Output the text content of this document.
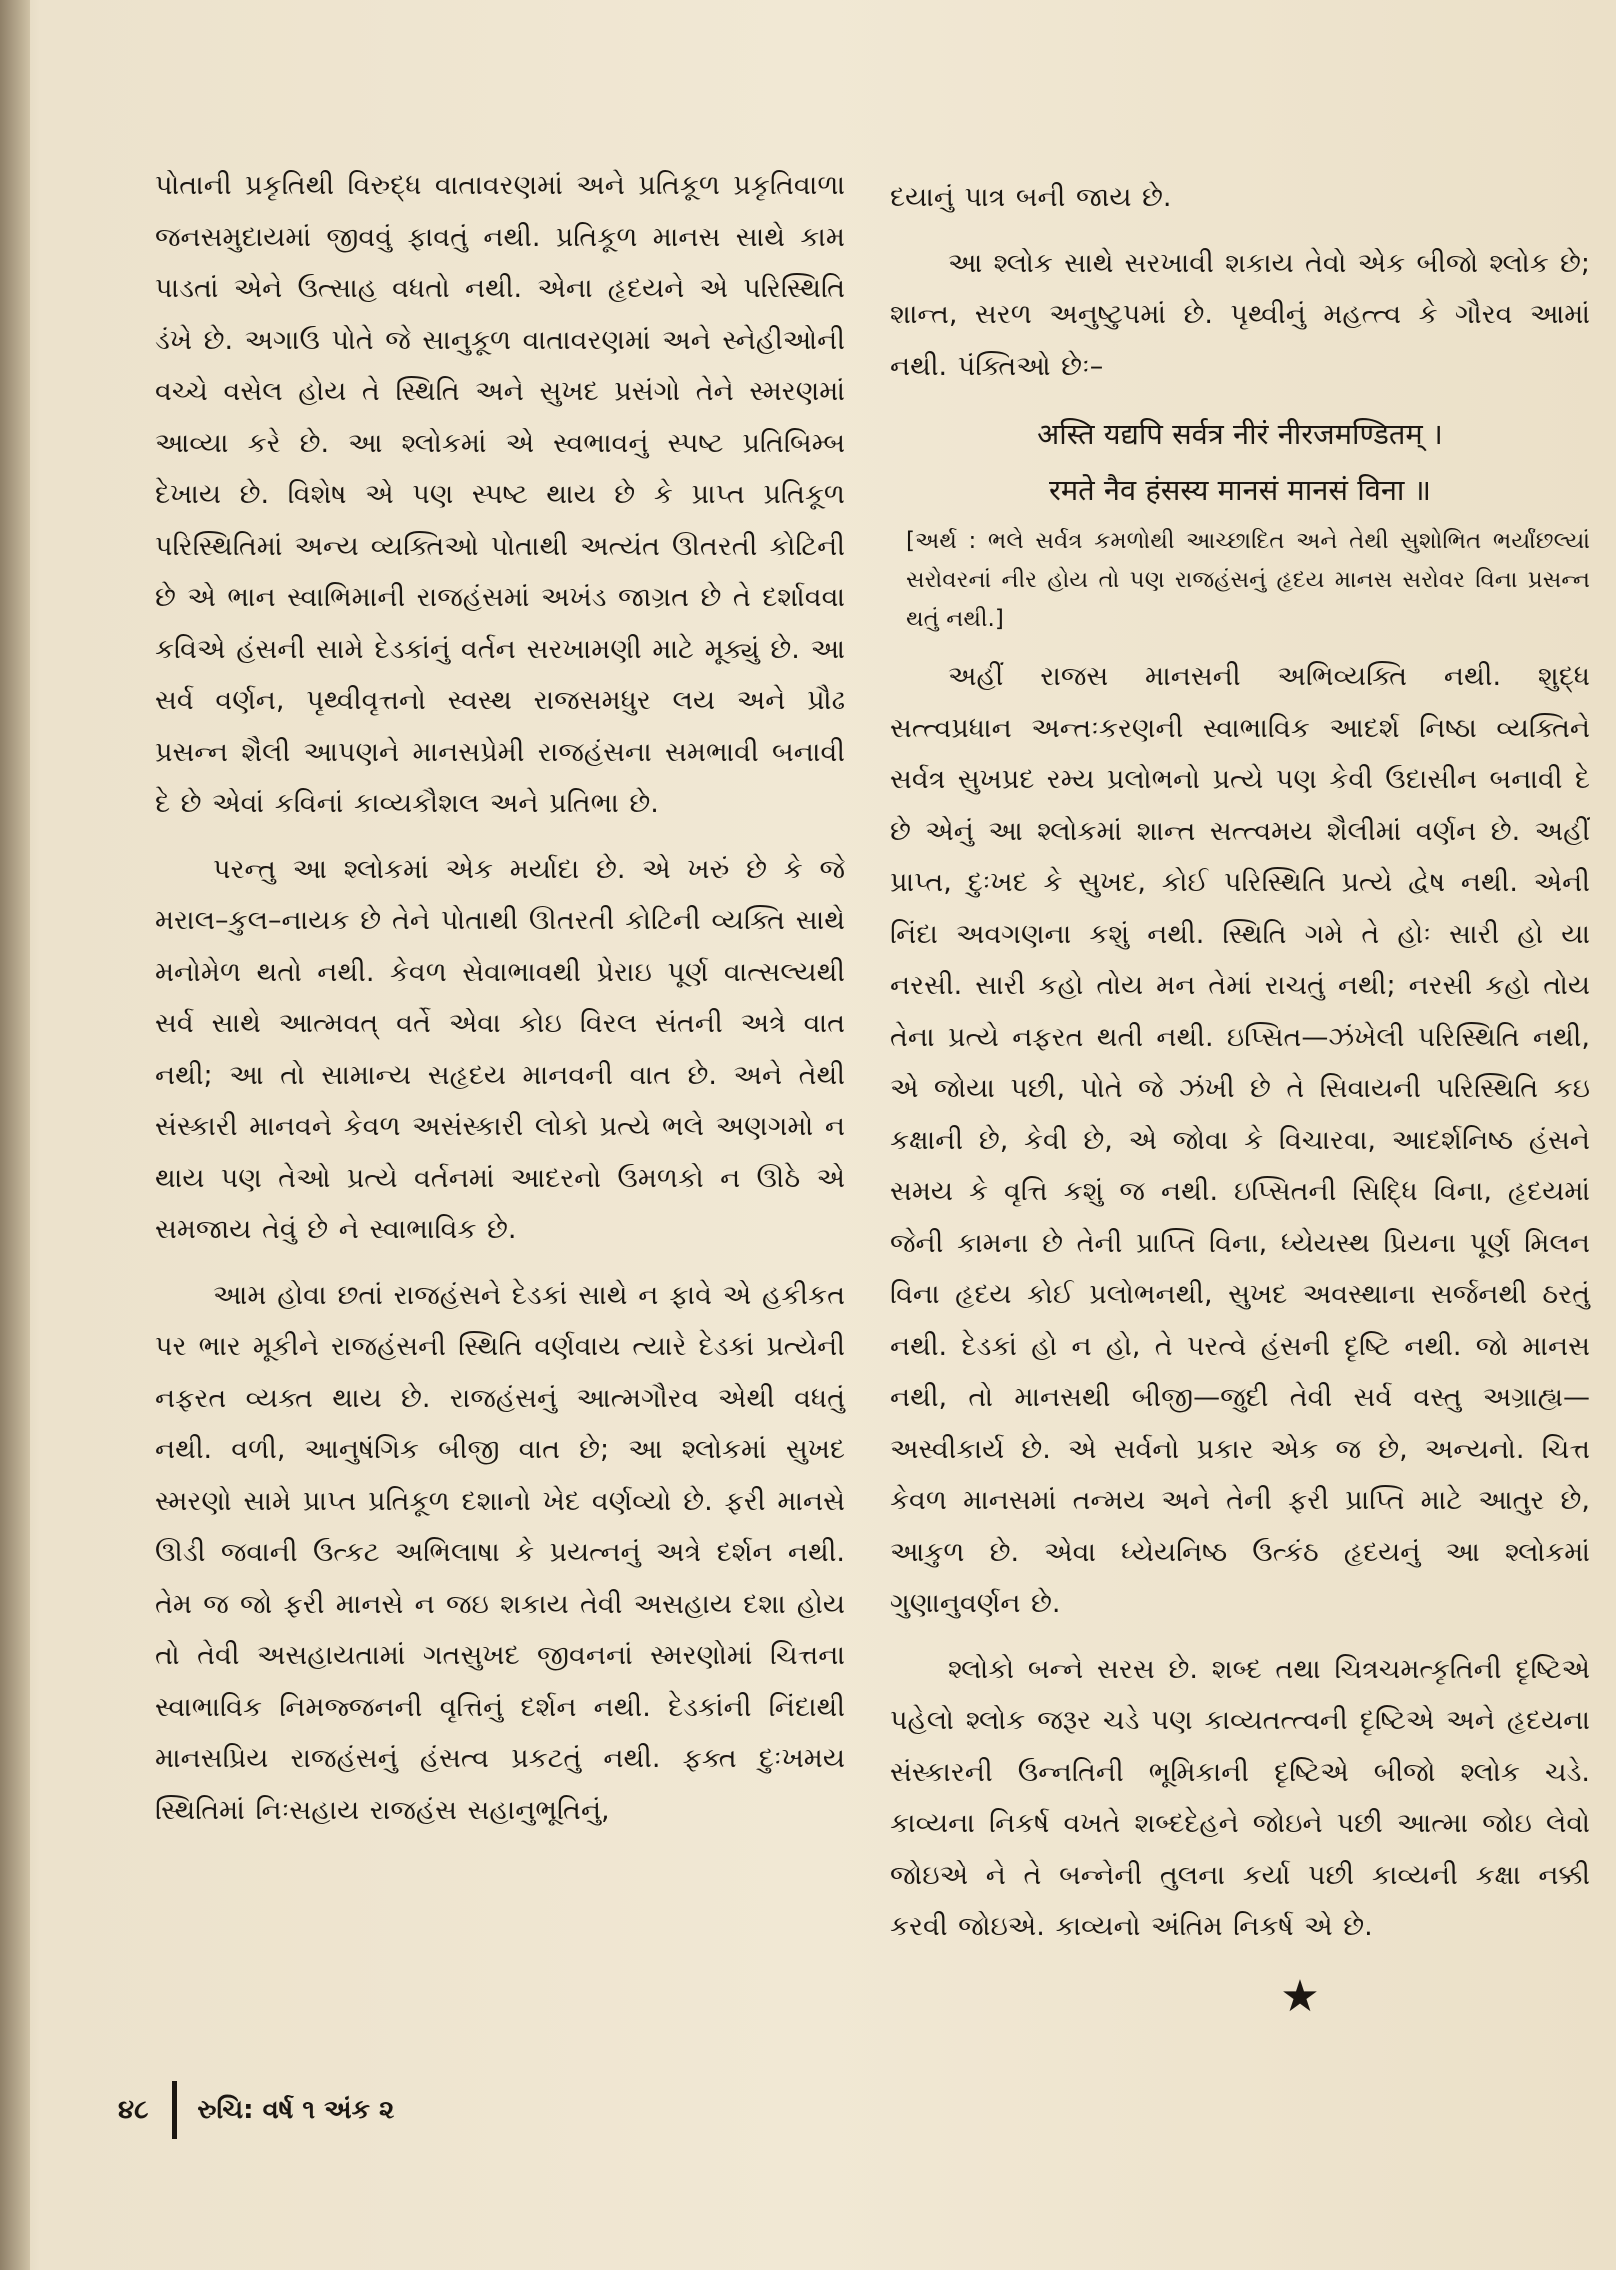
પોતાની પ્રકૃતિથી વિરુદ્ધ વાતાવરણમાં અને પ્રતિકૂળ પ્રકૃતિવાળા જનસમુદાયમાં જીવવું ફાવતું નથી. પ્રતિકૂળ માનસ સાથે કામ પાડતાં એને ઉત્સાહ વધતો નથી. એના હૃદયને એ પરિસ્થિતિ ડંખે છે. અગાઉ પોતે જે સાનુકૂળ વાતાવરણમાં અને સ્નેહીઓની વચ્ચે વસેલ હોય તે સ્થિતિ અને સુખદ પ્રસંગો તેને સ્મરણમાં આવ્યા કરે છે. આ શ્લોકમાં એ સ્વભાવનું સ્પષ્ટ પ્રતિબિમ્બ દેખાય છે. વિશેષ એ પણ સ્પષ્ટ થાય છે કે પ્રાપ્ત પ્રતિકૂળ પરિસ્થિતિમાં અન્ય વ્યક્તિઓ પોતાથી અત્યંત ઊતરતી કોટિની છે એ ભાન સ્વાભિમાની રાજહંસમાં અખંડ જાગ્રત છે તે દર્શાવવા કવિએ હંસની સામે દેડકાંનું વર્તન સરખામણી માટે મૂક્યું છે. આ સર્વ વર્ણન, પૃથ્વીવૃત્તનો સ્વસ્થ રાજસમધુર લય અને પ્રૌઢ પ્રસન્ન શૈલી આપણને માનસપ્રેમી રાજહંસના સમભાવી બનાવી દે છે એવાં કવિનાં કાવ્યકૌશલ અને પ્રતિભા છે.

પરન્તુ આ શ્લોકમાં એક મર્યાદા છે. એ ખરું છે કે જે મરાલ–કુલ–નાયક છે તેને પોતાથી ઊતરતી કોટિની વ્યક્તિ સાથે મનોમેળ થતો નથી. કેવળ સેવાભાવથી પ્રેરાઇ પૂર્ણ વાત્સલ્યથી સર્વ સાથે આત્મવત્ વર્તે એવા કોઇ વિરલ સંતની અત્રે વાત નથી; આ તો સામાન્ય સહૃદય માનવની વાત છે. અને તેથી સંસ્કારી માનવને કેવળ અસંસ્કારી લોકો પ્રત્યે ભલે અણગમો ન થાય પણ તેઓ પ્રત્યે વર્તનમાં આદરનો ઉમળકો ન ઊઠે એ સમજાય તેવું છે ને સ્વાભાવિક છે.

આમ હોવા છતાં રાજહંસને દેડકાં સાથે ન ફાવે એ હકીકત પર ભાર મૂકીને રાજહંસની સ્થિતિ વર્ણવાય ત્યારે દેડકાં પ્રત્યેની નફરત વ્યક્ત થાય છે. રાજહંસનું આત્મગૌરવ એથી વધતું નથી. વળી, આનુષંગિક બીજી વાત છે; આ શ્લોકમાં સુખદ સ્મરણો સામે પ્રાપ્ત પ્રતિકૂળ દશાનો ખેદ વર્ણવ્યો છે. ફરી માનસે ઊડી જવાની ઉત્કટ અભિલાષા કે પ્રયત્નનું અત્રે દર્શન નથી. તેમ જ જો ફરી માનસે ન જઇ શકાય તેવી અસહાય દશા હોય તો તેવી અસહાયતામાં ગતસુખદ જીવનનાં સ્મરણોમાં ચિત્તના સ્વાભાવિક નિમજ્જનની વૃત્તિનું દર્શન નથી. દેડકાંની નિંદાથી માનસપ્રિય રાજહંસનું હંસત્વ પ્રકટતું નથી. ફક્ત દુઃખમય સ્થિતિમાં નિઃસહાય રાજહંસ સહાનુભૂતિનું,

દયાનું પાત્ર બની જાય છે.

આ શ્લોક સાથે સરખાવી શકાય તેવો એક બીજો શ્લોક છે; શાન્ત, સરળ અનુષ્ટુપમાં છે. પૃથ્વીનું મહત્ત્વ કે ગૌરવ આમાં નથી. પંક્તિઓ છેઃ–

अस्ति यद्यपि सर्वत्र नीरं नीरजमण्डितम् ।

रमते नैव हंसस्य मानसं मानसं विना ॥

[અર્થ : ભલે સર્વત્ર કમળોથી આચ્છાદિત અને તેથી સુશોભિત ભર્યાંછલ્યાં સરોવરનાં નીર હોય તો પણ રાજહંસનું હૃદય માનસ સરોવર વિના પ્રસન્ન થતું નથી.]

અહીં રાજસ માનસની અભિવ્યક્તિ નથી. શુદ્ધ સત્ત્વપ્રધાન અન્તઃકરણની સ્વાભાવિક આદર્શ નિષ્ઠા વ્યક્તિને સર્વત્ર સુખપ્રદ રમ્ય પ્રલોભનો પ્રત્યે પણ કેવી ઉદાસીન બનાવી દે છે એનું આ શ્લોકમાં શાન્ત સત્ત્વમય શૈલીમાં વર્ણન છે. અહીં પ્રાપ્ત, દુઃખદ કે સુખદ, કોઈ પરિસ્થિતિ પ્રત્યે દ્વેષ નથી. એની નિંદા અવગણના કશું નથી. સ્થિતિ ગમે તે હોઃ સારી હો યા નરસી. સારી કહો તોય મન તેમાં રાચતું નથી; નરસી કહો તોય તેના પ્રત્યે નફરત થતી નથી. ઇપ્સિત—ઝંખેલી પરિસ્થિતિ નથી, એ જોયા પછી, પોતે જે ઝંખી છે તે સિવાયની પરિસ્થિતિ કઇ કક્ષાની છે, કેવી છે, એ જોવા કે વિચારવા, આદર્શનિષ્ઠ હંસને સમય કે વૃત્તિ કશું જ નથી. ઇપ્સિતની સિદ્ધિ વિના, હૃદયમાં જેની કામના છે તેની પ્રાપ્તિ વિના, ધ્યેયસ્થ પ્રિયના પૂર્ણ મિલન વિના હૃદય કોઈ પ્રલોભનથી, સુખદ અવસ્થાના સર્જનથી ઠરતું નથી. દેડકાં હો ન હો, તે પરત્વે હંસની દૃષ્ટિ નથી. જો માનસ નથી, તો માનસથી બીજી—જુદી તેવી સર્વ વસ્તુ અગ્રાહ્ય—અસ્વીકાર્ય છે. એ સર્વનો પ્રકાર એક જ છે, અન્યનો. ચિત્ત કેવળ માનસમાં તન્મય અને તેની ફરી પ્રાપ્તિ માટે આતુર છે, આકુળ છે. એવા ધ્યેયનિષ્ઠ ઉત્કંઠ હૃદયનું આ શ્લોકમાં ગુણાનુવર્ણન છે.

શ્લોકો બન્ને સરસ છે. શબ્દ તથા ચિત્રચમત્કૃતિની દૃષ્ટિએ પહેલો શ્લોક જરૂર ચડે પણ કાવ્યતત્ત્વની દૃષ્ટિએ અને હૃદયના સંસ્કારની ઉન્નતિની ભૂમિકાની દૃષ્ટિએ બીજો શ્લોક ચડે. કાવ્યના નિકર્ષ વખતે શબ્દદેહને જોઇને પછી આત્મા જોઇ લેવો જોઇએ ને તે બન્નેની તુલના કર્યા પછી કાવ્યની કક્ષા નક્કી કરવી જોઇએ. કાવ્યનો અંતિમ નિકર્ષ એ છે.

★
૪૮ રુચિ: વર્ષ ૧ અંક ૨
